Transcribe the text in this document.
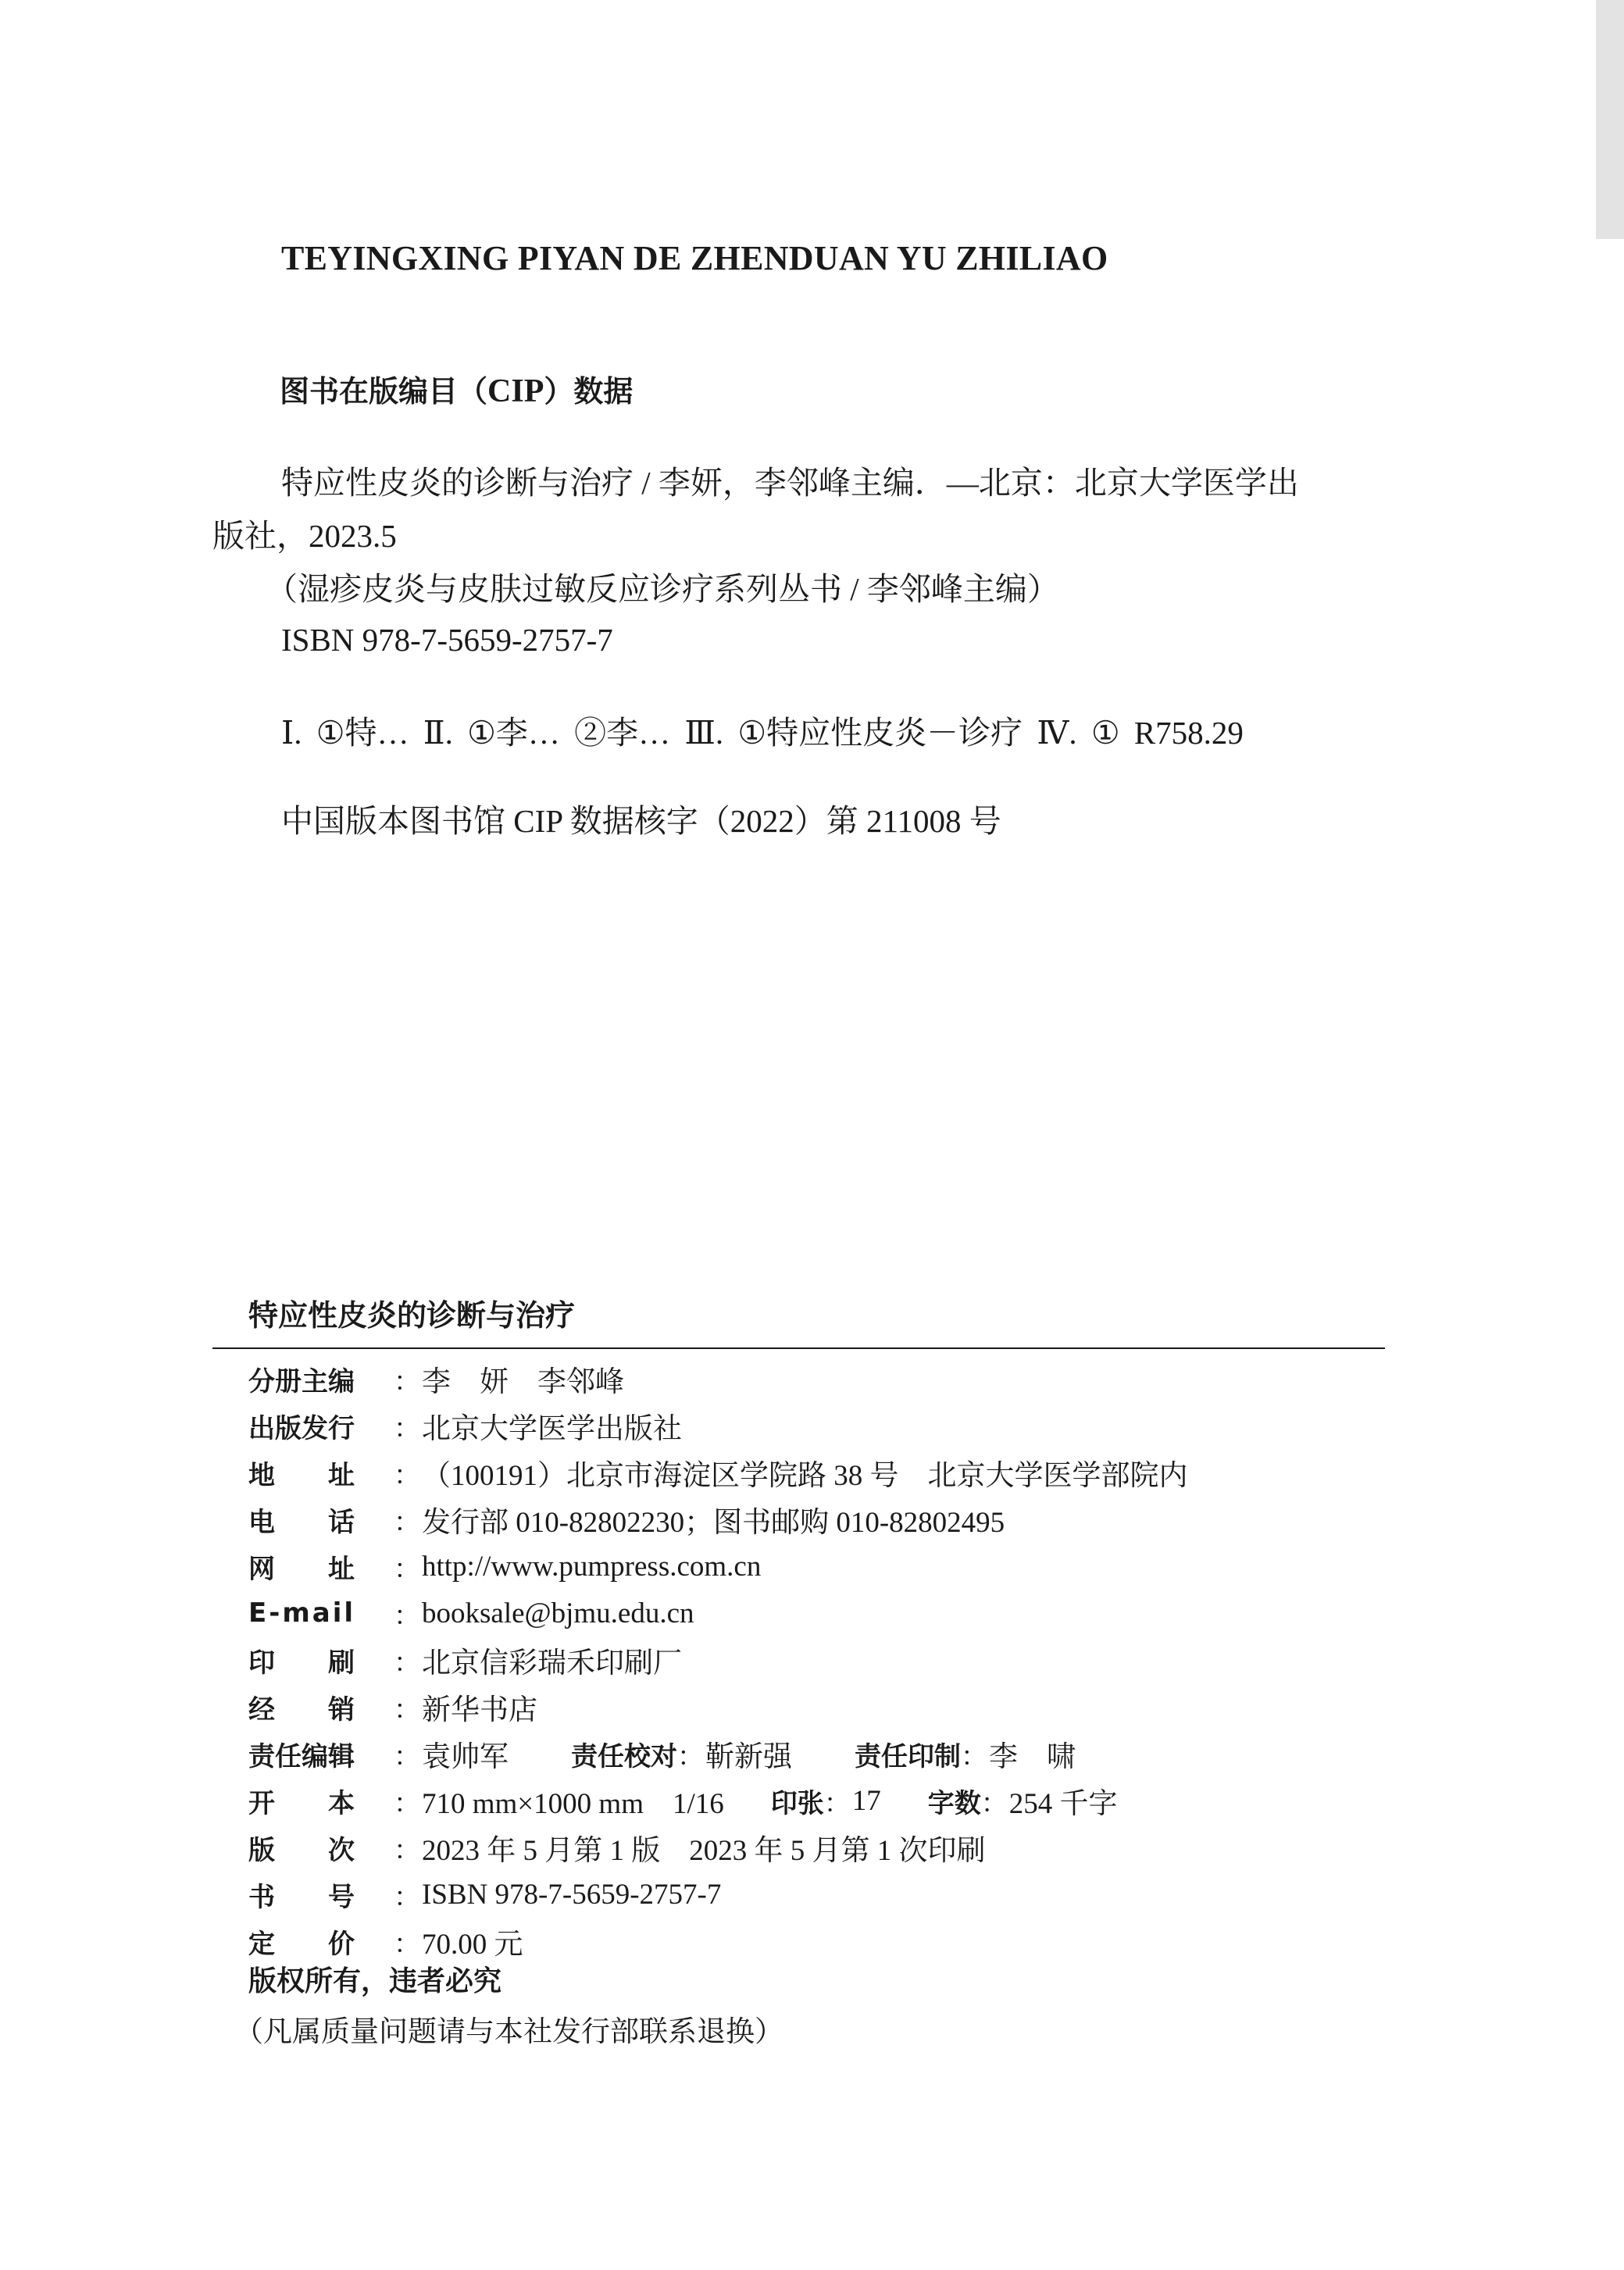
TEYINGXING PIYAN DE ZHENDUAN YU ZHILIAO
图书在版编目（CIP）数据
特应性皮炎的诊断与治疗 / 李妍，李邻峰主编．—北京：北京大学医学出
版社，2023.5
（湿疹皮炎与皮肤过敏反应诊疗系列丛书 / 李邻峰主编）
ISBN 978-7-5659-2757-7
Ⅰ. ①特… Ⅱ. ①李… ②李… Ⅲ. ①特应性皮炎－诊疗 Ⅳ. ① R758.29
中国版本图书馆 CIP 数据核字（2022）第 211008 号
特应性皮炎的诊断与治疗
分册主编	： 李　妍　李邻峰
出版发行	： 北京大学医学出版社
地　　址	： （100191）北京市海淀区学院路 38 号　北京大学医学部院内
电　　话	： 发行部 010-82802230；图书邮购 010-82802495
网　　址	： http://www.pumpress.com.cn
E-mail	： booksale@bjmu.edu.cn
印　　刷	： 北京信彩瑞禾印刷厂
经　　销	： 新华书店
责任编辑	： 袁帅军 责任校对 ： 靳新强 责任印制 ： 李　啸
开　　本	： 710 mm×1000 mm　1/16 印张 ： 17 字数 ： 254 千字
版　　次	： 2023 年 5 月第 1 版　2023 年 5 月第 1 次印刷
书　　号	： ISBN 978-7-5659-2757-7
定　　价	： 70.00 元
版权所有，违者必究
（凡属质量问题请与本社发行部联系退换）
